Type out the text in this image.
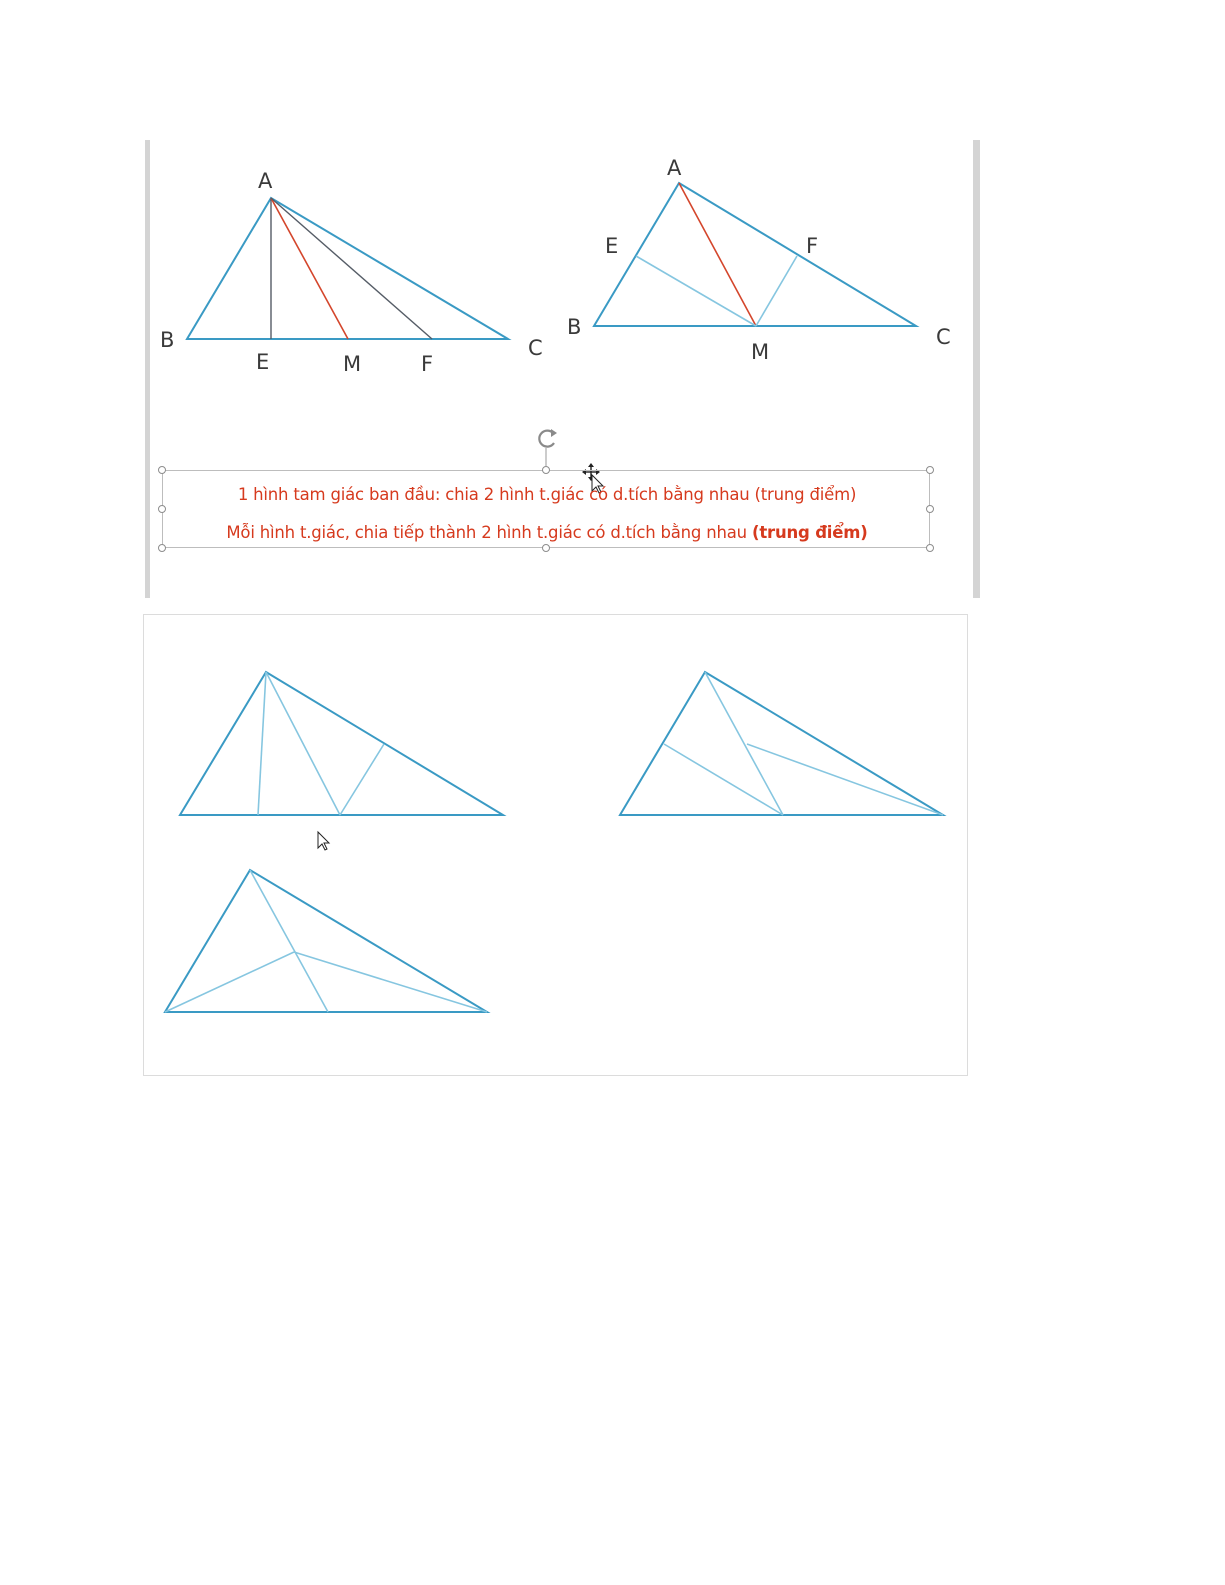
A
B	C
E	M	F
A
B	C
E	F
M
1 hình tam giác ban đầu: chia 2 hình t.giác có d.tích bằng nhau (trung điểm)
Mỗi hình t.giác, chia tiếp thành 2 hình t.giác có d.tích bằng nhau (trung điểm)
